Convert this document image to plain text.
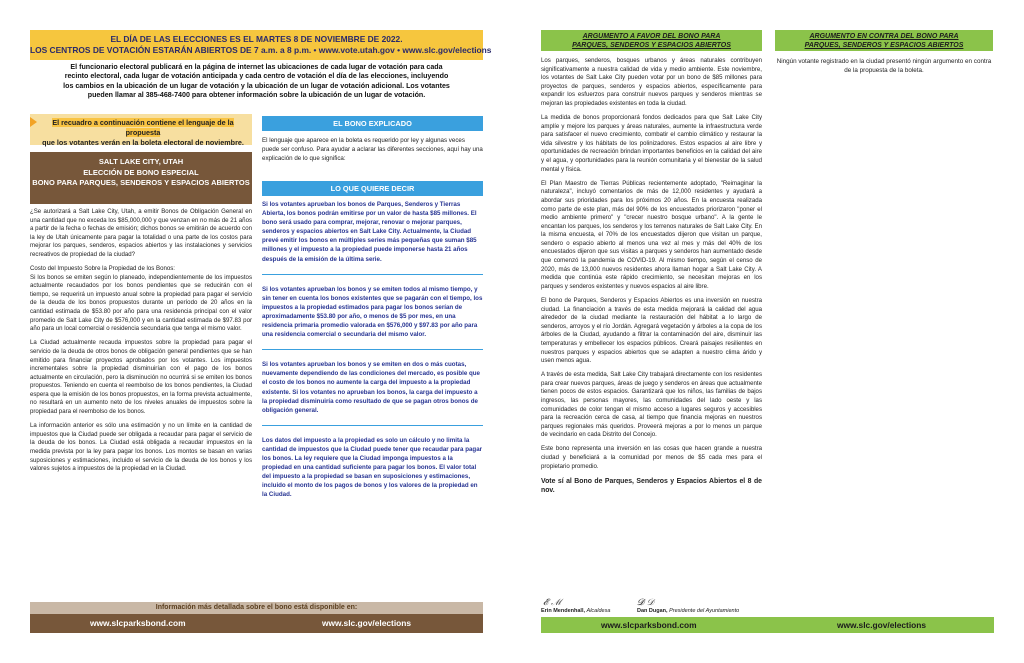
EL DÍA DE LAS ELECCIONES ES EL MARTES 8 DE NOVIEMBRE DE 2022.

LOS CENTROS DE VOTACIÓN ESTARÁN ABIERTOS DE 7 a.m. a 8 p.m. • www.vote.utah.gov • www.slc.gov/elections

El funcionario electoral publicará en la página de internet las ubicaciones de cada lugar de votación para cada recinto electoral, cada lugar de votación anticipada y cada centro de votación el día de las elecciones, incluyendo los cambios en la ubicación de un lugar de votación y la ubicación de un lugar de votación adicional. Los votantes pueden llamar al 385-468-7400 para obtener información sobre la ubicación de un lugar de votación.
El recuadro a continuación contiene el lenguaje de la propuesta
que los votantes verán en la boleta electoral de noviembre.

SALT LAKE CITY, UTAH

ELECCIÓN DE BONO ESPECIAL

BONO PARA PARQUES, SENDEROS Y ESPACIOS ABIERTOS

¿Se autorizará a Salt Lake City, Utah, a emitir Bonos de Obligación General en una cantidad que no exceda los $85,000,000 y que venzan en no más de 21 años a partir de la fecha o fechas de emisión; dichos bonos se emitirán de acuerdo con la ley de Utah únicamente para pagar la totalidad o una parte de los costos para mejorar los parques, senderos, espacios abiertos y las instalaciones y servicios recreativos de propiedad de la ciudad?

Costo del Impuesto Sobre la Propiedad de los Bonos:

Si los bonos se emiten según lo planeado, independientemente de los impuestos actualmente recaudados por los bonos pendientes que se reducirán con el tiempo, se requerirá un impuesto anual sobre la propiedad para pagar el servicio de la deuda de los bonos propuestos durante un período de 20 años en la cantidad estimada de $53.80 por año para una residencia principal con el valor promedio de Salt Lake City de $576,000 y en la cantidad estimada de $97.83 por año para un local comercial o residencia secundaria que tenga el mismo valor.

La Ciudad actualmente recauda impuestos sobre la propiedad para pagar el servicio de la deuda de otros bonos de obligación general pendientes que se han emitido para financiar proyectos aprobados por los votantes. Los impuestos incrementales sobre la propiedad disminuirían con el pago de los bonos actualmente en circulación, pero la disminución no ocurrirá si se emiten los bonos propuestos. Teniendo en cuenta el reembolso de los bonos pendientes, la Ciudad espera que la emisión de los bonos propuestos, en la forma prevista actualmente, no resultará en un aumento neto de los niveles anuales de impuestos sobre la propiedad para el reembolso de los bonos.

La información anterior es sólo una estimación y no un límite en la cantidad de impuestos que la Ciudad puede ser obligada a recaudar para pagar el servicio de la deuda de los bonos. La Ciudad está obligada a recaudar impuestos en la medida prevista por la ley para pagar los bonos. Los montos se basan en varias suposiciones y estimaciones, incluido el servicio de la deuda de los bonos y los valores sujetos a impuestos de la propiedad en la Ciudad.

EL BONO EXPLICADO
El lenguaje que aparece en la boleta es requerido por ley y algunas veces puede ser confuso. Para ayudar a aclarar las diferentes secciones, aquí hay una explicación de lo que significa:
LO QUE QUIERE DECIR

Si los votantes aprueban los bonos de Parques, Senderos y Tierras Abierta, los bonos podrán emitirse por un valor de hasta $85 millones. El bono será usado para comprar, mejorar, renovar o mejorar parques, senderos y espacios abiertos en Salt Lake City. Actualmente, la Ciudad prevé emitir los bonos en múltiples series más pequeñas que suman $85 millones y el impuesto a la propiedad puede imponerse hasta 21 años después de la emisión de la última serie.

Si los votantes aprueban los bonos y se emiten todos al mismo tiempo, y sin tener en cuenta los bonos existentes que se pagarán con el tiempo, los impuestos a la propiedad estimados para pagar los bonos serían de aproximadamente $53.80 por año, o menos de $5 por mes, en una residencia primaria promedio valorada en $576,000 y $97.83 por año para una residencia comercial o secundaria del mismo valor.

Si los votantes aprueban los bonos y se emiten en dos o más cuotas, nuevamente dependiendo de las condiciones del mercado, es posible que el costo de los bonos no aumente la carga del impuesto a la propiedad existente. Si los votantes no aprueban los bonos, la carga del impuesto a la propiedad disminuiría como resultado de que se pagan otros bonos de obligación general.

Los datos del impuesto a la propiedad es solo un cálculo y no limita la cantidad de impuestos que la Ciudad puede tener que recaudar para pagar los bonos. La ley requiere que la Ciudad imponga impuestos a la propiedad en una cantidad suficiente para pagar los bonos. El valor total del impuesto a la propiedad se basan en suposiciones y estimaciones, incluido el monto de los pagos de bonos y los valores de la propiedad en la Ciudad.

Información más detallada sobre el bono está disponible en:
www.slcparksbond.com	www.slc.gov/elections
ARGUMENTO A FAVOR DEL BONO PARA
PARQUES, SENDEROS Y ESPACIOS ABIERTOS
ARGUMENTO EN CONTRA DEL BONO PARA
PARQUES, SENDEROS Y ESPACIOS ABIERTOS

Los parques, senderos, bosques urbanos y áreas naturales contribuyen significativamente a nuestra calidad de vida y medio ambiente. Este noviembre, los votantes de Salt Lake City pueden votar por un bono de $85 millones para proyectos de parques, senderos y espacios abiertos, específicamente para expandir los esfuerzos para construir nuevos parques y senderos mientras se mejoran las propiedades existentes en toda la ciudad.

La medida de bonos proporcionará fondos dedicados para que Salt Lake City amplíe y mejore los parques y áreas naturales, aumente la infraestructura verde para satisfacer el nuevo crecimiento, combatir el cambio climático y restaurar la vida silvestre y los hábitats de los polinizadores. Estos espacios al aire libre y oportunidades de recreación brindan importantes beneficios en la calidad del aire y el agua, y oportunidades para la reunión comunitaria y el bienestar de la salud mental y física.

El Plan Maestro de Tierras Públicas recientemente adoptado, "Reimaginar la naturaleza", incluyó comentarios de más de 12,000 residentes y ayudará a abordar sus prioridades para los próximos 20 años. En la encuesta realizada como parte de este plan, más del 90% de los encuestados priorizaron "poner el medio ambiente primero" y "crecer nuestro bosque urbano". A la gente le encantan los parques, los senderos y los terrenos naturales de Salt Lake City. En la misma encuesta, el 70% de los encuestados dijeron que visitan un parque, sendero o espacio abierto al menos una vez al mes y más del 40% de los encuestados dijeron que sus visitas a parques y senderos han aumentado desde que comenzó la pandemia de COVID-19. Al mismo tiempo, según el censo de 2020, más de 13,000 nuevos residentes ahora llaman hogar a Salt Lake City. A medida que continúa este rápido crecimiento, se necesitan mejoras en los parques y senderos existentes y nuevos espacios al aire libre.

El bono de Parques, Senderos y Espacios Abiertos es una inversión en nuestra ciudad. La financiación a través de esta medida mejorará la calidad del agua alrededor de la ciudad mediante la restauración del hábitat a lo largo de senderos, arroyos y el río Jordán. Agregará vegetación y árboles a la copa de los árboles de la Ciudad, ayudando a filtrar la contaminación del aire, disminuir las temperaturas y embellecer los espacios públicos. Creará paisajes resilientes en nuestros parques y espacios abiertos que se adapten a nuestro clima árido y usen menos agua.

A través de esta medida, Salt Lake City trabajará directamente con los residentes para crear nuevos parques, áreas de juego y senderos en áreas que actualmente tienen pocos de estos espacios. Garantizará que los niños, las familias de bajos ingresos, las personas mayores, las comunidades del lado oeste y las comunidades de color tengan el mismo acceso a lugares seguros y accesibles para la recreación cerca de casa, al tiempo que financia mejoras en nuestros parques regionales más queridos. Proveerá mejoras a por lo menos un parque de vecindario en cada Distrito del Concejo.

Este bono representa una inversión en las cosas que hacen grande a nuestra ciudad y beneficiará a la comunidad por menos de $5 cada mes para el propietario promedio.

Vote sí al Bono de Parques, Senderos y Espacios Abiertos el 8 de nov.

𝓔 ℳ	𝓓 𝒟
Erin Mendenhall, Alcaldesa	Dan Dugan, Presidente del Ayuntamiento
Ningún votante registrado en la ciudad presentó ningún argumento en contra de la propuesta de la boleta.
www.slcparksbond.com	www.slc.gov/elections
